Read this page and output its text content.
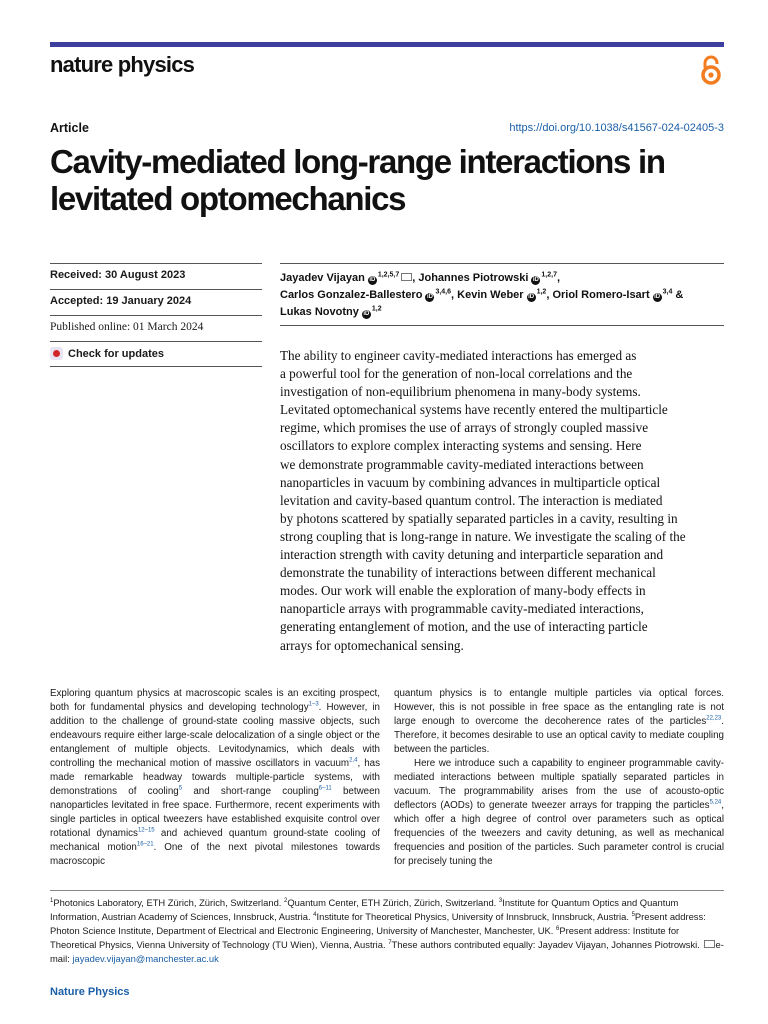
nature physics
Article	https://doi.org/10.1038/s41567-024-02405-3
Cavity-mediated long-range interactions in levitated optomechanics
Received: 30 August 2023
Accepted: 19 January 2024
Published online: 01 March 2024
Check for updates
Jayadev Vijayan iD$^{1,2,5,7}$ , Johannes Piotrowski iD$^{1,2,7}$,
Carlos Gonzalez-Ballestero iD$^{3,4,6}$, Kevin Weber iD$^{1,2}$, Oriol Romero-Isart iD$^{3,4}$ &
Lukas Novotny iD$^{1,2}$
The ability to engineer cavity-mediated interactions has emerged as
a powerful tool for the generation of non-local correlations and the
investigation of non-equilibrium phenomena in many-body systems.
Levitated optomechanical systems have recently entered the multiparticle
regime, which promises the use of arrays of strongly coupled massive
oscillators to explore complex interacting systems and sensing. Here
we demonstrate programmable cavity-mediated interactions between
nanoparticles in vacuum by combining advances in multiparticle optical
levitation and cavity-based quantum control. The interaction is mediated
by photons scattered by spatially separated particles in a cavity, resulting in
strong coupling that is long-range in nature. We investigate the scaling of the
interaction strength with cavity detuning and interparticle separation and
demonstrate the tunability of interactions between different mechanical
modes. Our work will enable the exploration of many-body effects in
nanoparticle arrays with programmable cavity-mediated interactions,
generating entanglement of motion, and the use of interacting particle
arrays for optomechanical sensing.

Exploring quantum physics at macroscopic scales is an exciting prospect, both for fundamental physics and developing technology$^{1-3}$. However, in addition to the challenge of ground-state cooling massive objects, such endeavours require either large-scale delocalization of a single object or the entanglement of multiple objects. Levitodynamics, which deals with controlling the mechanical motion of massive oscillators in vacuum$^{2,4}$, has made remarkable headway towards multiple-particle systems, with demonstrations of cooling$^5$ and short-range coupling$^{6-11}$ between nanoparticles levitated in free space. Furthermore, recent experiments with single particles in optical tweezers have established exquisite control over rotational dynamics$^{12-15}$ and achieved quantum ground-state cooling of mechanical motion$^{16-21}$. One of the next pivotal milestones towards macroscopic

quantum physics is to entangle multiple particles via optical forces. However, this is not possible in free space as the entangling rate is not large enough to overcome the decoherence rates of the particles$^{22,23}$. Therefore, it becomes desirable to use an optical cavity to mediate coupling between the particles.

Here we introduce such a capability to engineer programmable cavity-mediated interactions between multiple spatially separated particles in vacuum. The programmability arises from the use of acousto-optic deflectors (AODs) to generate tweezer arrays for trapping the particles$^{5,24}$, which offer a high degree of control over parameters such as optical frequencies of the tweezers and cavity detuning, as well as mechanical frequencies and position of the particles. Such parameter control is crucial for precisely tuning the

$^1$Photonics Laboratory, ETH Zürich, Zürich, Switzerland. $^2$Quantum Center, ETH Zürich, Zürich, Switzerland. $^3$Institute for Quantum Optics and Quantum Information, Austrian Academy of Sciences, Innsbruck, Austria. $^4$Institute for Theoretical Physics, University of Innsbruck, Innsbruck, Austria. $^5$Present address: Photon Science Institute, Department of Electrical and Electronic Engineering, University of Manchester, Manchester, UK. $^6$Present address: Institute for Theoretical Physics, Vienna University of Technology (TU Wien), Vienna, Austria. $^7$These authors contributed equally: Jayadev Vijayan, Johannes Piotrowski. e-mail: jayadev.vijayan@manchester.ac.uk
Nature Physics
